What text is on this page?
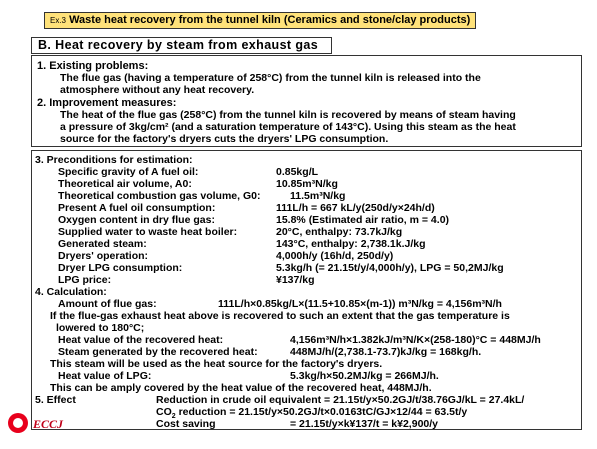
Ex.3 Waste heat recovery from the tunnel kiln (Ceramics and stone/clay products)
B. Heat recovery by steam from exhaust gas
1. Existing problems:
The flue gas (having a temperature of 258°C) from the tunnel kiln is released into the
atmosphere without any heat recovery.
2. Improvement measures:
The heat of the flue gas (258°C) from the tunnel kiln is recovered by means of steam having
a pressure of 3kg/cm² (and a saturation temperature of 143°C). Using this steam as the heat
source for the factory's dryers cuts the dryers' LPG consumption.
3. Preconditions for estimation:
Specific gravity of A fuel oil:	0.85kg/L
Theoretical air volume, A0:	10.85m³N/kg
Theoretical combustion gas volume, G0:	11.5m³N/kg
Present A fuel oil consumption:	111L/h = 667 kL/y(250d/y×24h/d)
Oxygen content in dry flue gas:	15.8% (Estimated air ratio, m = 4.0)
Supplied water to waste heat boiler:	20°C, enthalpy: 73.7kJ/kg
Generated steam:	143°C, enthalpy: 2,738.1k.J/kg
Dryers' operation:	4,000h/y (16h/d, 250d/y)
Dryer LPG consumption:	5.3kg/h (= 21.15t/y/4,000h/y), LPG = 50,2MJ/kg
LPG price:	¥137/kg
4. Calculation:
Amount of flue gas:	111L/h×0.85kg/L×(11.5+10.85×(m-1)) m³N/kg = 4,156m³N/h
If the flue-gas exhaust heat above is recovered to such an extent that the gas temperature is
lowered to 180°C;
Heat value of the recovered heat:	4,156m³N/h×1.382kJ/m³N/K×(258-180)°C = 448MJ/h
Steam generated by the recovered heat:	448MJ/h/(2,738.1-73.7)kJ/kg = 168kg/h.
This steam will be used as the heat source for the factory's dryers.
Heat value of LPG:	5.3kg/h×50.2MJ/kg = 266MJ/h.
This can be amply covered by the heat value of the recovered heat, 448MJ/h.
5. Effect	Reduction in crude oil equivalent = 21.15t/y×50.2GJ/t/38.76GJ/kL = 27.4kL/
$CO_2$ reduction = 21.15t/y×50.2GJ/t×0.0163tC/GJ×12/44 = 63.5t/y
Cost saving	= 21.15t/y×k¥137/t = k¥2,900/y
ECCJ
